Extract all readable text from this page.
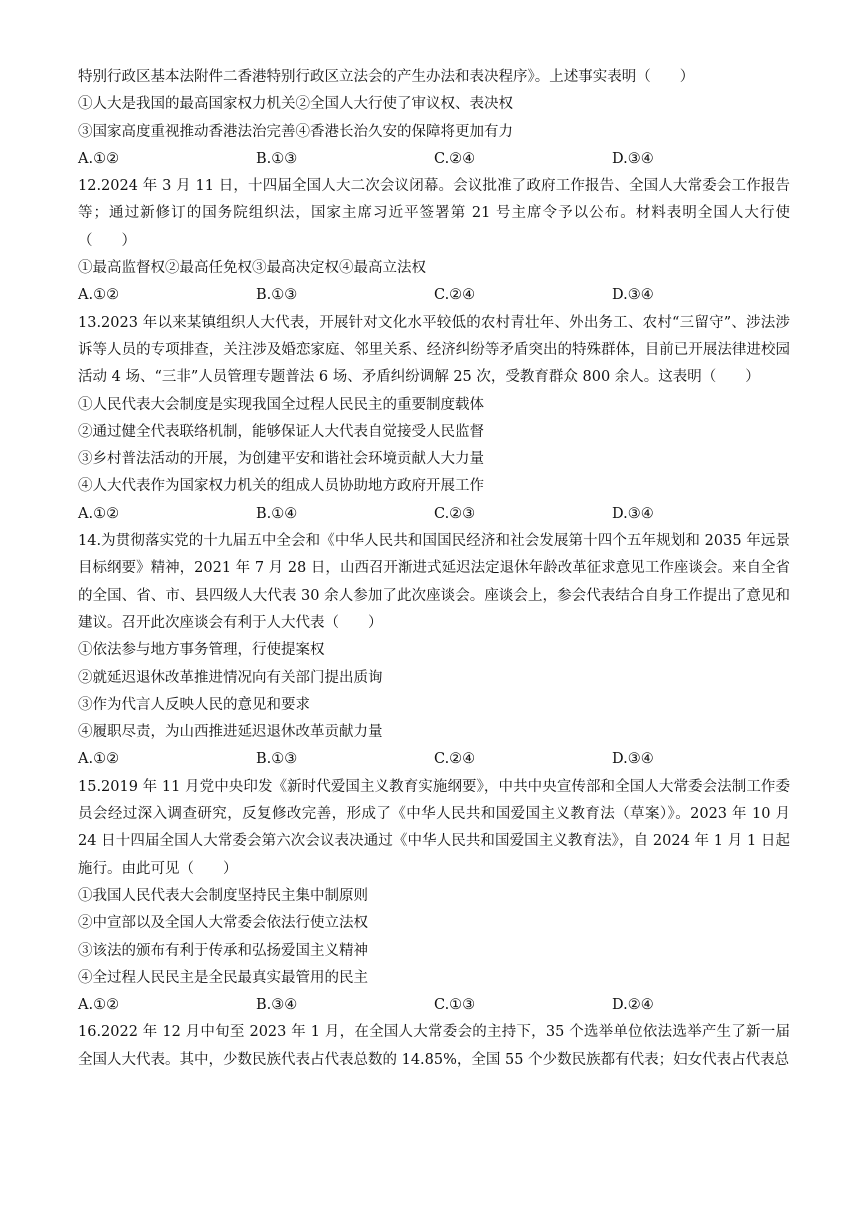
特别行政区基本法附件二香港特别行政区立法会的产生办法和表决程序》。上述事实表明（　　）
①人大是我国的最高国家权力机关②全国人大行使了审议权、表决权
③国家高度重视推动香港法治完善④香港长治久安的保障将更加有力
A.①②	B.①③	C.②④	D.③④
12.2024 年 3 月 11 日，十四届全国人大二次会议闭幕。会议批准了政府工作报告、全国人大常委会工作报告等；通过新修订的国务院组织法，国家主席习近平签署第 21 号主席令予以公布。材料表明全国人大行使（　　）
①最高监督权②最高任免权③最高决定权④最高立法权
A.①②	B.①③	C.②④	D.③④
13.2023 年以来某镇组织人大代表，开展针对文化水平较低的农村青壮年、外出务工、农村“三留守”、涉法涉诉等人员的专项排查，关注涉及婚恋家庭、邻里关系、经济纠纷等矛盾突出的特殊群体，目前已开展法律进校园活动 4 场、“三非”人员管理专题普法 6 场、矛盾纠纷调解 25 次，受教育群众 800 余人。这表明（　　）
①人民代表大会制度是实现我国全过程人民民主的重要制度载体
②通过健全代表联络机制，能够保证人大代表自觉接受人民监督
③乡村普法活动的开展，为创建平安和谐社会环境贡献人大力量
④人大代表作为国家权力机关的组成人员协助地方政府开展工作
A.①②	B.①④	C.②③	D.③④
14.为贯彻落实党的十九届五中全会和《中华人民共和国国民经济和社会发展第十四个五年规划和 2035 年远景目标纲要》精神，2021 年 7 月 28 日，山西召开渐进式延迟法定退休年龄改革征求意见工作座谈会。来自全省的全国、省、市、县四级人大代表 30 余人参加了此次座谈会。座谈会上，参会代表结合自身工作提出了意见和建议。召开此次座谈会有利于人大代表（　　）
①依法参与地方事务管理，行使提案权
②就延迟退休改革推进情况向有关部门提出质询
③作为代言人反映人民的意见和要求
④履职尽责，为山西推进延迟退休改革贡献力量
A.①②	B.①③	C.②④	D.③④
15.2019 年 11 月党中央印发《新时代爱国主义教育实施纲要》，中共中央宣传部和全国人大常委会法制工作委员会经过深入调查研究，反复修改完善，形成了《中华人民共和国爱国主义教育法（草案）》。2023 年 10 月 24 日十四届全国人大常委会第六次会议表决通过《中华人民共和国爱国主义教育法》，自 2024 年 1 月 1 日起施行。由此可见（　　）
①我国人民代表大会制度坚持民主集中制原则
②中宣部以及全国人大常委会依法行使立法权
③该法的颁布有利于传承和弘扬爱国主义精神
④全过程人民民主是全民最真实最管用的民主
A.①②	B.③④	C.①③	D.②④
16.2022 年 12 月中旬至 2023 年 1 月，在全国人大常委会的主持下，35 个选举单位依法选举产生了新一届全国人大代表。其中，少数民族代表占代表总数的 14.85%，全国 55 个少数民族都有代表；妇女代表占代表总
